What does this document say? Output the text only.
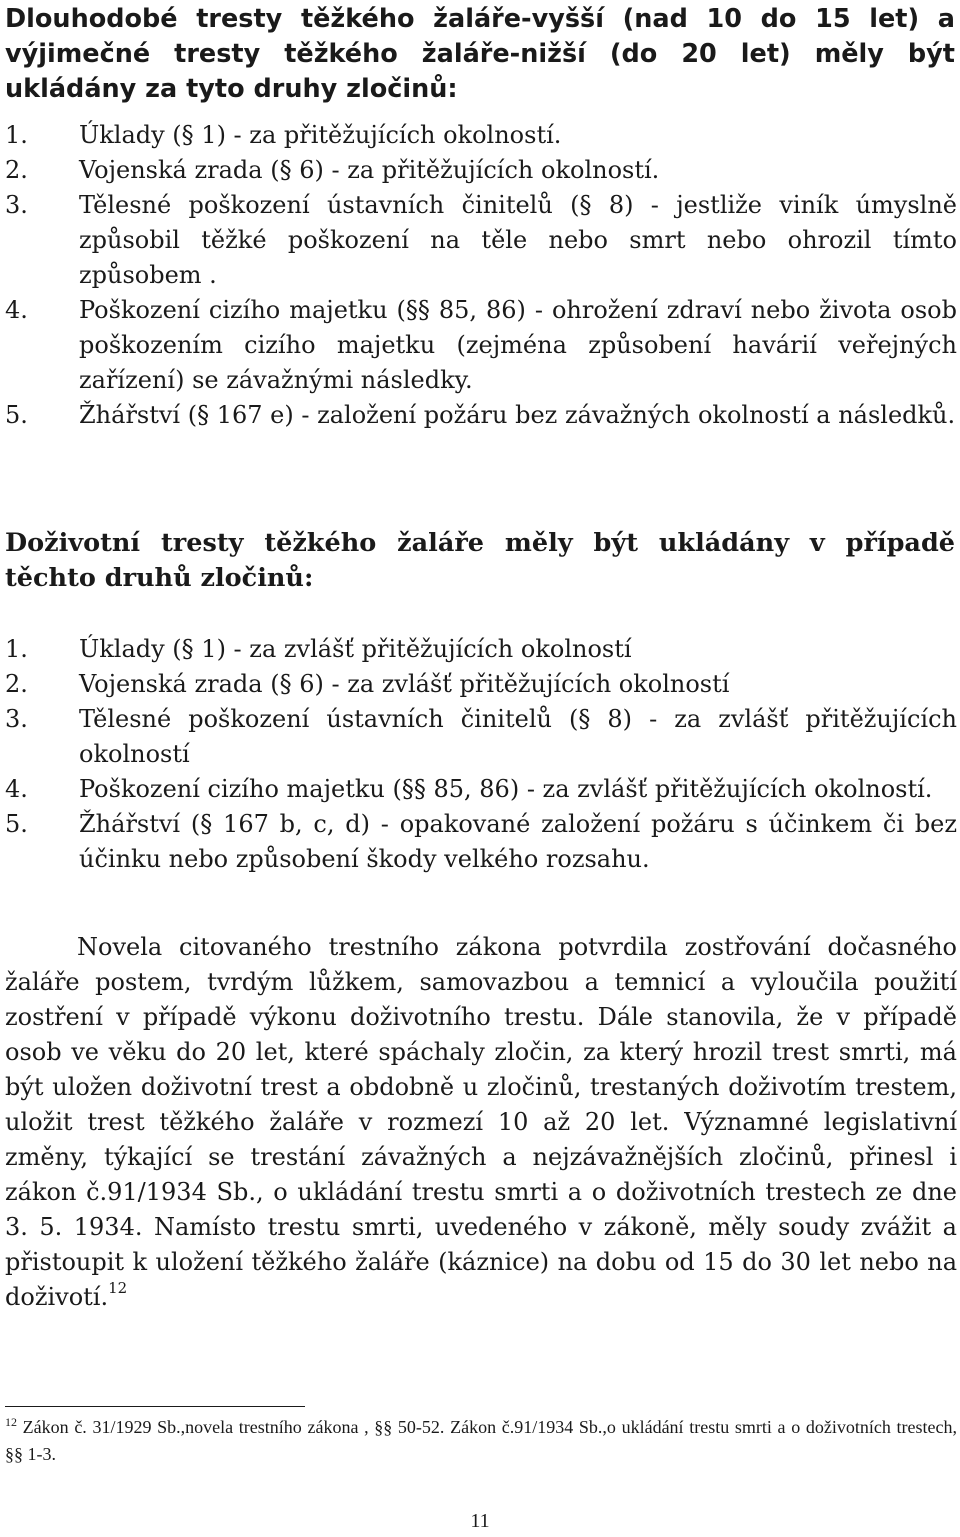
Dlouhodobé tresty těžkého žaláře-vyšší (nad 10 do 15 let) a výjimečné tresty těžkého žaláře-nižší (do 20 let) měly být ukládány za tyto druhy zločinů:
1. Úklady (§ 1) - za přitěžujících okolností.
2. Vojenská zrada (§ 6) - za přitěžujících okolností.
3. Tělesné poškození ústavních činitelů (§ 8) - jestliže viník úmyslně způsobil těžké poškození na těle nebo smrt nebo ohrozil tímto způsobem .
4. Poškození cizího majetku (§§ 85, 86) - ohrožení zdraví nebo života osob poškozením cizího majetku (zejména způsobení havárií veřejných zařízení) se závažnými následky.
5. Žhářství (§ 167 e) - založení požáru bez závažných okolností a následků.
Doživotní tresty těžkého žaláře měly být ukládány v případě těchto druhů zločinů:
1. Úklady (§ 1) - za zvlášť přitěžujících okolností
2. Vojenská zrada (§ 6) - za zvlášť přitěžujících okolností
3. Tělesné poškození ústavních činitelů (§ 8) - za zvlášť přitěžujících okolností
4. Poškození cizího majetku (§§ 85, 86) - za zvlášť přitěžujících okolností.
5. Žhářství (§ 167 b, c, d) - opakované založení požáru s účinkem či bez účinku nebo způsobení škody velkého rozsahu.

Novela citovaného trestního zákona potvrdila zostřování dočasného žaláře postem, tvrdým lůžkem, samovazbou a temnicí a vyloučila použití zostření v případě výkonu doživotního trestu. Dále stanovila, že v případě osob ve věku do 20 let, které spáchaly zločin, za který hrozil trest smrti, má být uložen doživotní trest a obdobně u zločinů, trestaných doživotím trestem, uložit trest těžkého žaláře v rozmezí 10 až 20 let. Významné legislativní změny, týkající se trestání závažných a nejzávažnějších zločinů, přinesl i zákon č.91/1934 Sb., o ukládání trestu smrti a o doživotních trestech ze dne 3. 5. 1934. Namísto trestu smrti, uvedeného v zákoně, měly soudy zvážit a přistoupit k uložení těžkého žaláře (káznice) na dobu od 15 do 30 let nebo na doživotí.$^{12}$

$^{12}$ Zákon č. 31/1929 Sb.,novela trestního zákona , §§ 50-52. Zákon č.91/1934 Sb.,o ukládání trestu smrti a o doživotních trestech, §§ 1-3.
11
